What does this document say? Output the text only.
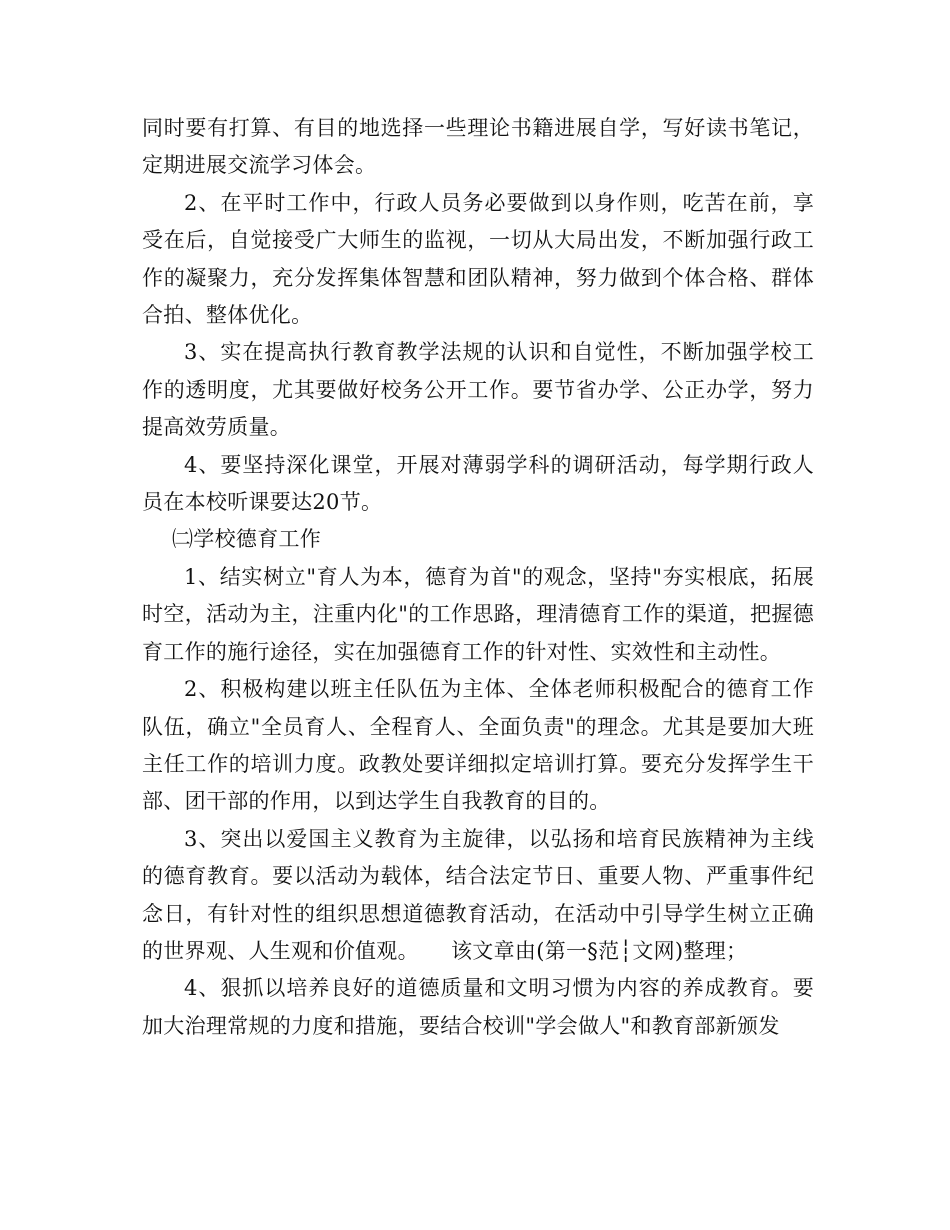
同时要有打算、有目的地选择一些理论书籍进展自学，写好读书笔记，定期进展交流学习体会。

2、在平时工作中，行政人员务必要做到以身作则，吃苦在前，享受在后，自觉接受广大师生的监视，一切从大局出发，不断加强行政工作的凝聚力，充分发挥集体智慧和团队精神，努力做到个体合格、群体合拍、整体优化。

3、实在提高执行教育教学法规的认识和自觉性，不断加强学校工作的透明度，尤其要做好校务公开工作。要节省办学、公正办学，努力提高效劳质量。

4、要坚持深化课堂，开展对薄弱学科的调研活动，每学期行政人员在本校听课要达20节。

㈡学校德育工作

1、结实树立"育人为本，德育为首"的观念，坚持"夯实根底，拓展时空，活动为主，注重内化"的工作思路，理清德育工作的渠道，把握德育工作的施行途径，实在加强德育工作的针对性、实效性和主动性。

2、积极构建以班主任队伍为主体、全体老师积极配合的德育工作队伍，确立"全员育人、全程育人、全面负责"的理念。尤其是要加大班主任工作的培训力度。政教处要详细拟定培训打算。要充分发挥学生干部、团干部的作用，以到达学生自我教育的目的。

3、突出以爱国主义教育为主旋律，以弘扬和培育民族精神为主线的德育教育。要以活动为载体，结合法定节日、重要人物、严重事件纪念日，有针对性的组织思想道德教育活动，在活动中引导学生树立正确的世界观、人生观和价值观。　　该文章由(第一§范┆文网)整理；

4、狠抓以培养良好的道德质量和文明习惯为内容的养成教育。要加大治理常规的力度和措施，要结合校训"学会做人"和教育部新颁发
